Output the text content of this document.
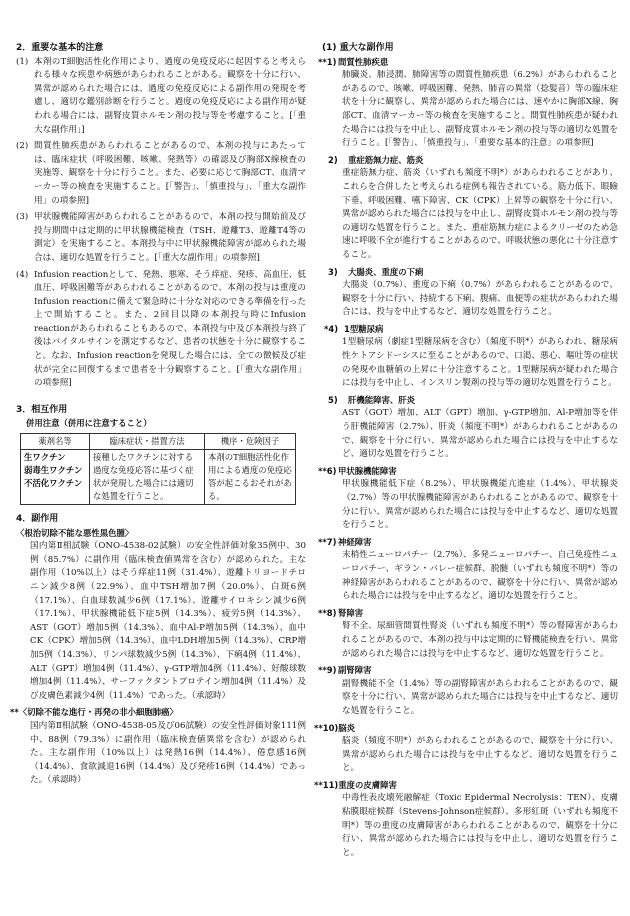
2．重要な基本的注意
(1) 本剤のT細胞活性化作用により、過度の免疫反応に起因すると考えられる様々な疾患や病態があらわれることがある。観察を十分に行い、異常が認められた場合には、過度の免疫反応による副作用の発現を考慮し、適切な鑑別診断を行うこと。過度の免疫反応による副作用が疑われる場合には、副腎皮質ホルモン剤の投与等を考慮すること。[「重大な副作用」]
(2) 間質性肺疾患があらわれることがあるので、本剤の投与にあたっては、臨床症状（呼吸困難、咳嗽、発熱等）の確認及び胸部X線検査の実施等、観察を十分に行うこと。また、必要に応じて胸部CT、血清マーカー等の検査を実施すること。[「警告」、「慎重投与」、「重大な副作用」の項参照]
(3) 甲状腺機能障害があらわれることがあるので、本剤の投与開始前及び投与期間中は定期的に甲状腺機能検査（TSH、遊離T3、遊離T4等の測定）を実施すること。本剤投与中に甲状腺機能障害が認められた場合は、適切な処置を行うこと。[「重大な副作用」の項参照]
(4) Infusion reactionとして、発熱、悪寒、そう痒症、発疹、高血圧、低血圧、呼吸困難等があらわれることがあるので、本剤の投与は重度のInfusion reactionに備えて緊急時に十分な対応のできる準備を行った上で開始すること。また、2回目以降の本剤投与時にInfusion reactionがあらわれることもあるので、本剤投与中及び本剤投与終了後はバイタルサインを測定するなど、患者の状態を十分に観察すること。なお、Infusion reactionを発現した場合には、全ての徴候及び症状が完全に回復するまで患者を十分観察すること。[「重大な副作用」の項参照]
3．相互作用
併用注意（併用に注意すること）
薬剤名等	臨床症状・措置方法	機序・危険因子
生ワクチン
弱毒生ワクチン
不活化ワクチン	接種したワクチンに対する過度な免疫応答に基づく症状が発現した場合には適切な処置を行うこと。	本剤のT細胞活性化作用による過度の免疫応答が起こるおそれがある。
4．副作用
〈根治切除不能な悪性黒色腫〉
国内第Ⅱ相試験（ONO-4538-02試験）の安全性評価対象35例中、30例（85.7%）に副作用（臨床検査値異常を含む）が認められた。主な副作用（10%以上）はそう痒症11例（31.4%）、遊離トリヨードチロニン減少8例（22.9%）、血中TSH増加7例（20.0%）、白斑6例（17.1%）、白血球数減少6例（17.1%）、遊離サイロキシン減少6例（17.1%）、甲状腺機能低下症5例（14.3%）、疲労5例（14.3%）、AST（GOT）増加5例（14.3%）、血中Al-P増加5例（14.3%）、血中CK（CPK）増加5例（14.3%）、血中LDH増加5例（14.3%）、CRP増加5例（14.3%）、リンパ球数減少5例（14.3%）、下痢4例（11.4%）、ALT（GPT）増加4例（11.4%）、γ-GTP増加4例（11.4%）、好酸球数増加4例（11.4%）、サーファクタントプロテイン増加4例（11.4%）及び皮膚色素減少4例（11.4%）であった。（承認時）
** 〈切除不能な進行・再発の非小細胞肺癌〉
国内第Ⅱ相試験（ONO-4538-05及び06試験）の安全性評価対象111例中、88例（79.3%）に副作用（臨床検査値異常を含む）が認められた。主な副作用（10%以上）は発熱16例（14.4%）、倦怠感16例（14.4%）、食欲減退16例（14.4%）及び発疹16例（14.4%）であった。（承認時）
(1) 重大な副作用
**1) 間質性肺疾患
肺臓炎、肺浸潤、肺障害等の間質性肺疾患（6.2%）があらわれることがあるので、咳嗽、呼吸困難、発熱、肺音の異常（捻髪音）等の臨床症状を十分に観察し、異常が認められた場合には、速やかに胸部X線、胸部CT、血清マーカー等の検査を実施すること。間質性肺疾患が疑われた場合には投与を中止し、副腎皮質ホルモン剤の投与等の適切な処置を行うこと。[「警告」、「慎重投与」、「重要な基本的注意」の項参照]
2)	重症筋無力症、筋炎
重症筋無力症、筋炎（いずれも頻度不明*）があらわれることがあり、これらを合併したと考えられる症例も報告されている。筋力低下、眼瞼下垂、呼吸困難、嚥下障害、CK（CPK）上昇等の観察を十分に行い、異常が認められた場合には投与を中止し、副腎皮質ホルモン剤の投与等の適切な処置を行うこと。また、重症筋無力症によるクリーゼのため急速に呼吸不全が進行することがあるので、呼吸状態の悪化に十分注意すること。
3)	大腸炎、重度の下痢
大腸炎（0.7%）、重度の下痢（0.7%）があらわれることがあるので、観察を十分に行い、持続する下痢、腹痛、血便等の症状があらわれた場合には、投与を中止するなど、適切な処置を行うこと。
*4) 1型糖尿病
1型糖尿病（劇症1型糖尿病を含む）（頻度不明*）があらわれ、糖尿病性ケトアシドーシスに至ることがあるので、口渇、悪心、嘔吐等の症状の発現や血糖値の上昇に十分注意すること。1型糖尿病が疑われた場合には投与を中止し、インスリン製剤の投与等の適切な処置を行うこと。
5)	肝機能障害、肝炎
AST（GOT）増加、ALT（GPT）増加、γ-GTP増加、Al-P増加等を伴う肝機能障害（2.7%）、肝炎（頻度不明*）があらわれることがあるので、観察を十分に行い、異常が認められた場合には投与を中止するなど、適切な処置を行うこと。
**6) 甲状腺機能障害
甲状腺機能低下症（8.2%）、甲状腺機能亢進症（1.4%）、甲状腺炎（2.7%）等の甲状腺機能障害があらわれることがあるので、観察を十分に行い、異常が認められた場合には投与を中止するなど、適切な処置を行うこと。
**7) 神経障害
末梢性ニューロパチー（2.7%）、多発ニューロパチー、自己免疫性ニューロパチー、ギラン・バレー症候群、脱髄（いずれも頻度不明*）等の神経障害があらわれることがあるので、観察を十分に行い、異常が認められた場合には投与を中止するなど、適切な処置を行うこと。
**8) 腎障害
腎不全、尿細管間質性腎炎（いずれも頻度不明*）等の腎障害があらわれることがあるので、本剤の投与中は定期的に腎機能検査を行い、異常が認められた場合には投与を中止するなど、適切な処置を行うこと。
**9) 副腎障害
副腎機能不全（1.4%）等の副腎障害があらわれることがあるので、観察を十分に行い、異常が認められた場合には投与を中止するなど、適切な処置を行うこと。
**10) 脳炎
脳炎（頻度不明*）があらわれることがあるので、観察を十分に行い、異常が認められた場合には投与を中止するなど、適切な処置を行うこと。
**11) 重度の皮膚障害
中毒性表皮壊死融解症（Toxic Epidermal Necrolysis：TEN）、皮膚粘膜眼症候群（Stevens-Johnson症候群）、多形紅斑（いずれも頻度不明*）等の重度の皮膚障害があらわれることがあるので、観察を十分に行い、異常が認められた場合には投与を中止し、適切な処置を行うこと。
